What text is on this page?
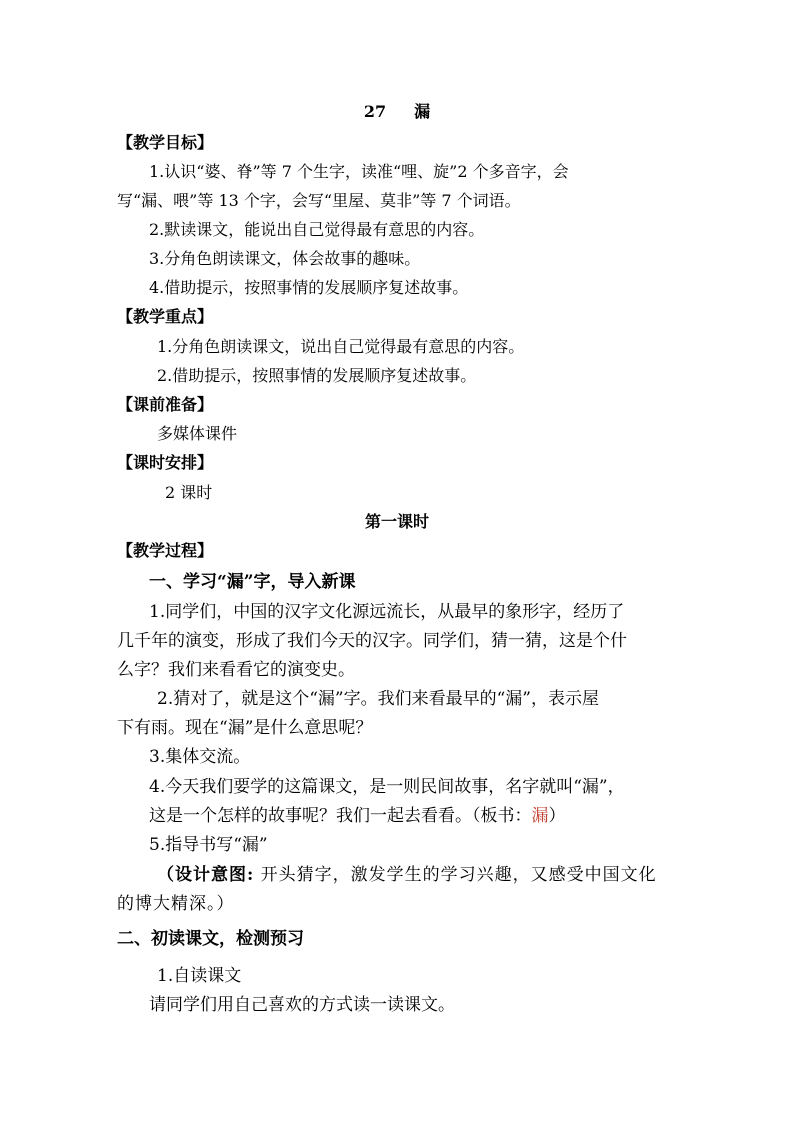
27 漏
【教学目标】
1.认识“婆、脊”等 7 个生字，读准“哩、旋”2 个多音字，会
写“漏、喂”等 13 个字，会写“里屋、莫非”等 7 个词语。
2.默读课文，能说出自己觉得最有意思的内容。
3.分角色朗读课文，体会故事的趣味。
4.借助提示，按照事情的发展顺序复述故事。
【教学重点】
1.分角色朗读课文，说出自己觉得最有意思的内容。
2.借助提示，按照事情的发展顺序复述故事。
【课前准备】
多媒体课件
【课时安排】
2 课时
第一课时
【教学过程】
一、学习“漏”字，导入新课
1.同学们，中国的汉字文化源远流长，从最早的象形字，经历了
几千年的演变，形成了我们今天的汉字。同学们，猜一猜，这是个什
么字？我们来看看它的演变史。
2.猜对了，就是这个“漏”字。我们来看最早的“漏”，表示屋
下有雨。现在“漏”是什么意思呢？
3.集体交流。
4.今天我们要学的这篇课文，是一则民间故事，名字就叫“漏”，
这是一个怎样的故事呢？我们一起去看看。（板书：漏）
5.指导书写“漏”
（设计意图: 开头猜字，激发学生的学习兴趣，又感受中国文化
的博大精深。）
二、初读课文，检测预习
1.自读课文
请同学们用自己喜欢的方式读一读课文。
